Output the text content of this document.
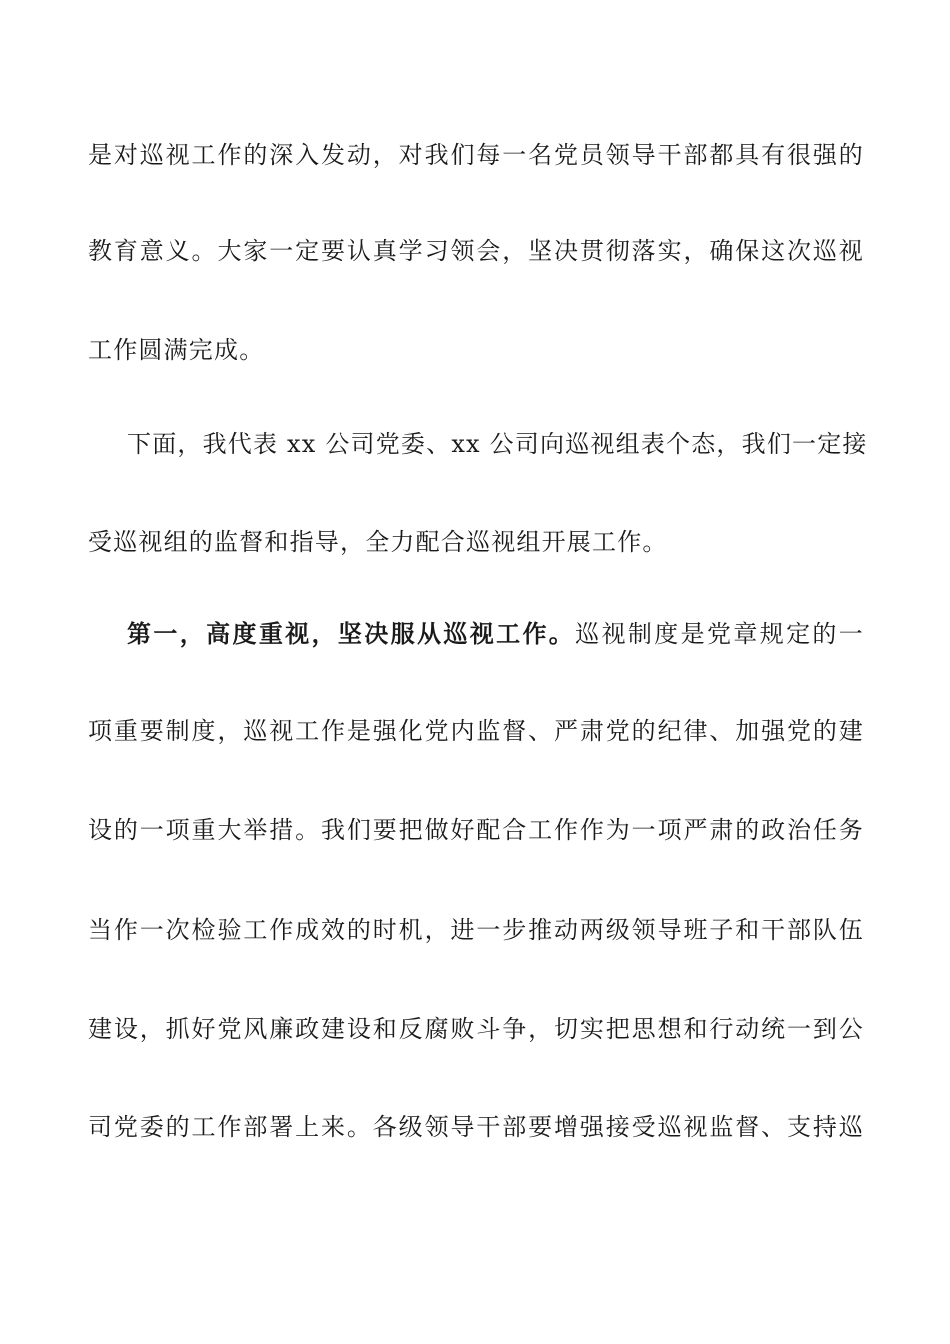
是对巡视工作的深入发动，对我们每一名党员领导干部都具有很强的
教育意义。大家一定要认真学习领会，坚决贯彻落实，确保这次巡视
工作圆满完成。
下面，我代表 xx 公司党委、xx 公司向巡视组表个态，我们一定接
受巡视组的监督和指导，全力配合巡视组开展工作。
第一，高度重视，坚决服从巡视工作。巡视制度是党章规定的一
项重要制度，巡视工作是强化党内监督、严肃党的纪律、加强党的建
设的一项重大举措。我们要把做好配合工作作为一项严肃的政治任务
当作一次检验工作成效的时机，进一步推动两级领导班子和干部队伍
建设，抓好党风廉政建设和反腐败斗争，切实把思想和行动统一到公
司党委的工作部署上来。各级领导干部要增强接受巡视监督、支持巡
